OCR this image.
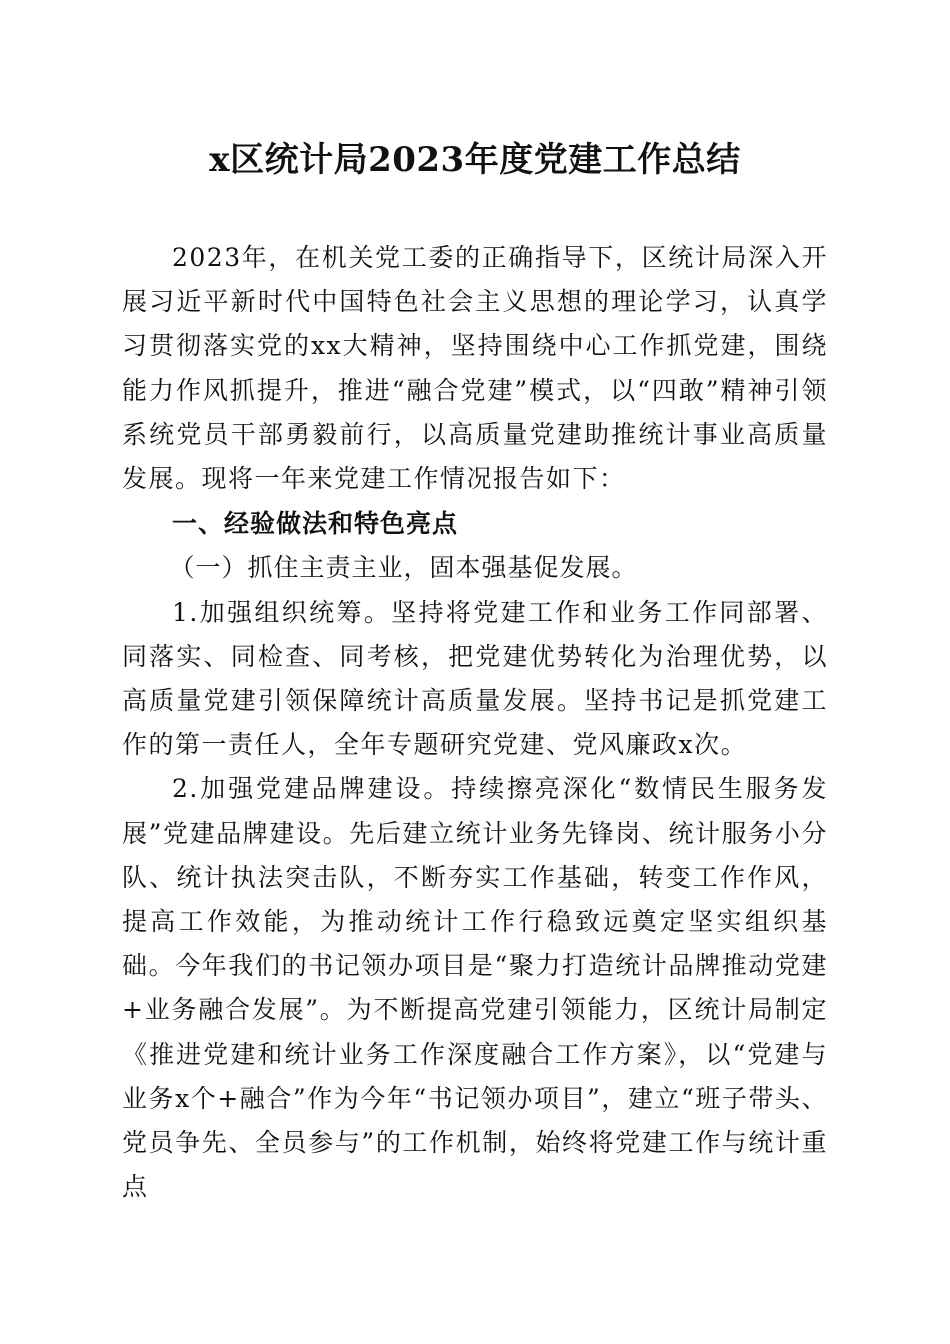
x区统计局2023年度党建工作总结

2023年，在机关党工委的正确指导下，区统计局深入开展习近平新时代中国特色社会主义思想的理论学习，认真学习贯彻落实党的xx大精神，坚持围绕中心工作抓党建，围绕能力作风抓提升，推进“融合党建”模式，以“四敢”精神引领系统党员干部勇毅前行，以高质量党建助推统计事业高质量发展。现将一年来党建工作情况报告如下：

一、经验做法和特色亮点

（一）抓住主责主业，固本强基促发展。

1.加强组织统筹。坚持将党建工作和业务工作同部署、同落实、同检查、同考核，把党建优势转化为治理优势，以高质量党建引领保障统计高质量发展。坚持书记是抓党建工作的第一责任人，全年专题研究党建、党风廉政x次。

2.加强党建品牌建设。持续擦亮深化“数情民生服务发展”党建品牌建设。先后建立统计业务先锋岗、统计服务小分队、统计执法突击队，不断夯实工作基础，转变工作作风，提高工作效能，为推动统计工作行稳致远奠定坚实组织基础。今年我们的书记领办项目是“聚力打造统计品牌推动党建+业务融合发展”。为不断提高党建引领能力，区统计局制定《推进党建和统计业务工作深度融合工作方案》，以“党建与业务x个+融合”作为今年“书记领办项目”，建立“班子带头、党员争先、全员参与”的工作机制，始终将党建工作与统计重点
